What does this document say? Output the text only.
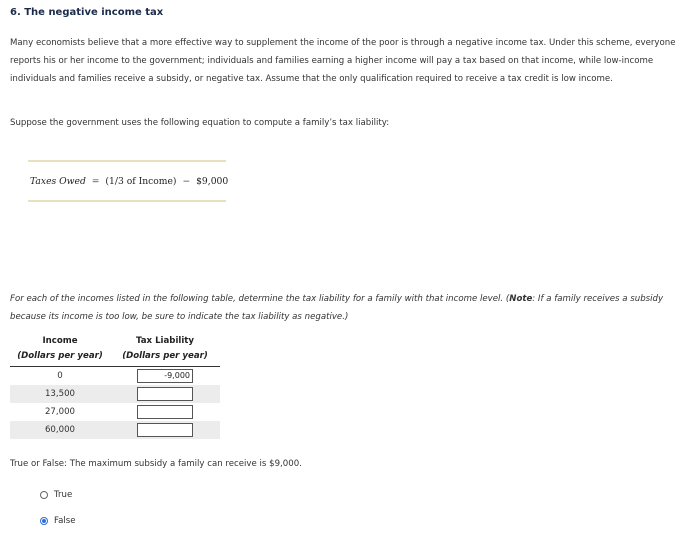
6. The negative income tax
Many economists believe that a more effective way to supplement the income of the poor is through a negative income tax. Under this scheme, everyone reports his or her income to the government; individuals and families earning a higher income will pay a tax based on that income, while low-income individuals and families receive a subsidy, or negative tax. Assume that the only qualification required to receive a tax credit is low income.
Suppose the government uses the following equation to compute a family’s tax liability:
Taxes Owed = (1/3 of Income) − $9,000
For each of the incomes listed in the following table, determine the tax liability for a family with that income level. (Note: If a family receives a subsidy because its income is too low, be sure to indicate the tax liability as negative.)
Income	Tax Liability
(Dollars per year)	(Dollars per year)
0	-9,000
13,500	
27,000	
60,000	
True or False: The maximum subsidy a family can receive is $9,000.
True
False
